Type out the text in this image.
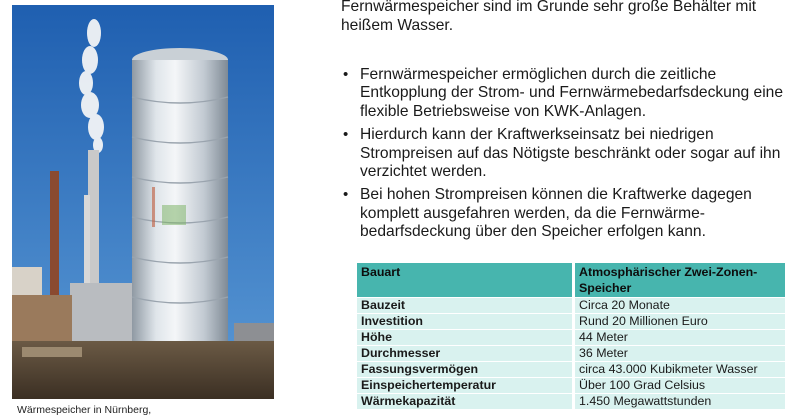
Wärmespeicher in Nürnberg,

Fernwärmespeicher sind im Grunde sehr große Behälter mit heißem Wasser.

• Fernwärmespeicher ermöglichen durch die zeitliche Entkopplung der Strom- und Fernwärmebedarfsdeckung eine flexible Betriebsweise von KWK-Anlagen.
• Hierdurch kann der Kraftwerkseinsatz bei niedrigen Strompreisen auf das Nötigste beschränkt oder sogar auf ihn verzichtet werden.
• Bei hohen Strompreisen können die Kraftwerke dagegen komplett ausgefahren werden, da die Fernwärme-bedarfsdeckung über den Speicher erfolgen kann.
Bauart	Atmosphärischer Zwei-Zonen-Speicher
Bauzeit	Circa 20 Monate
Investition	Rund 20 Millionen Euro
Höhe	44 Meter
Durchmesser	36 Meter
Fassungsvermögen	circa 43.000 Kubikmeter Wasser
Einspeichertemperatur	Über 100 Grad Celsius
Wärmekapazität	1.450 Megawattstunden
